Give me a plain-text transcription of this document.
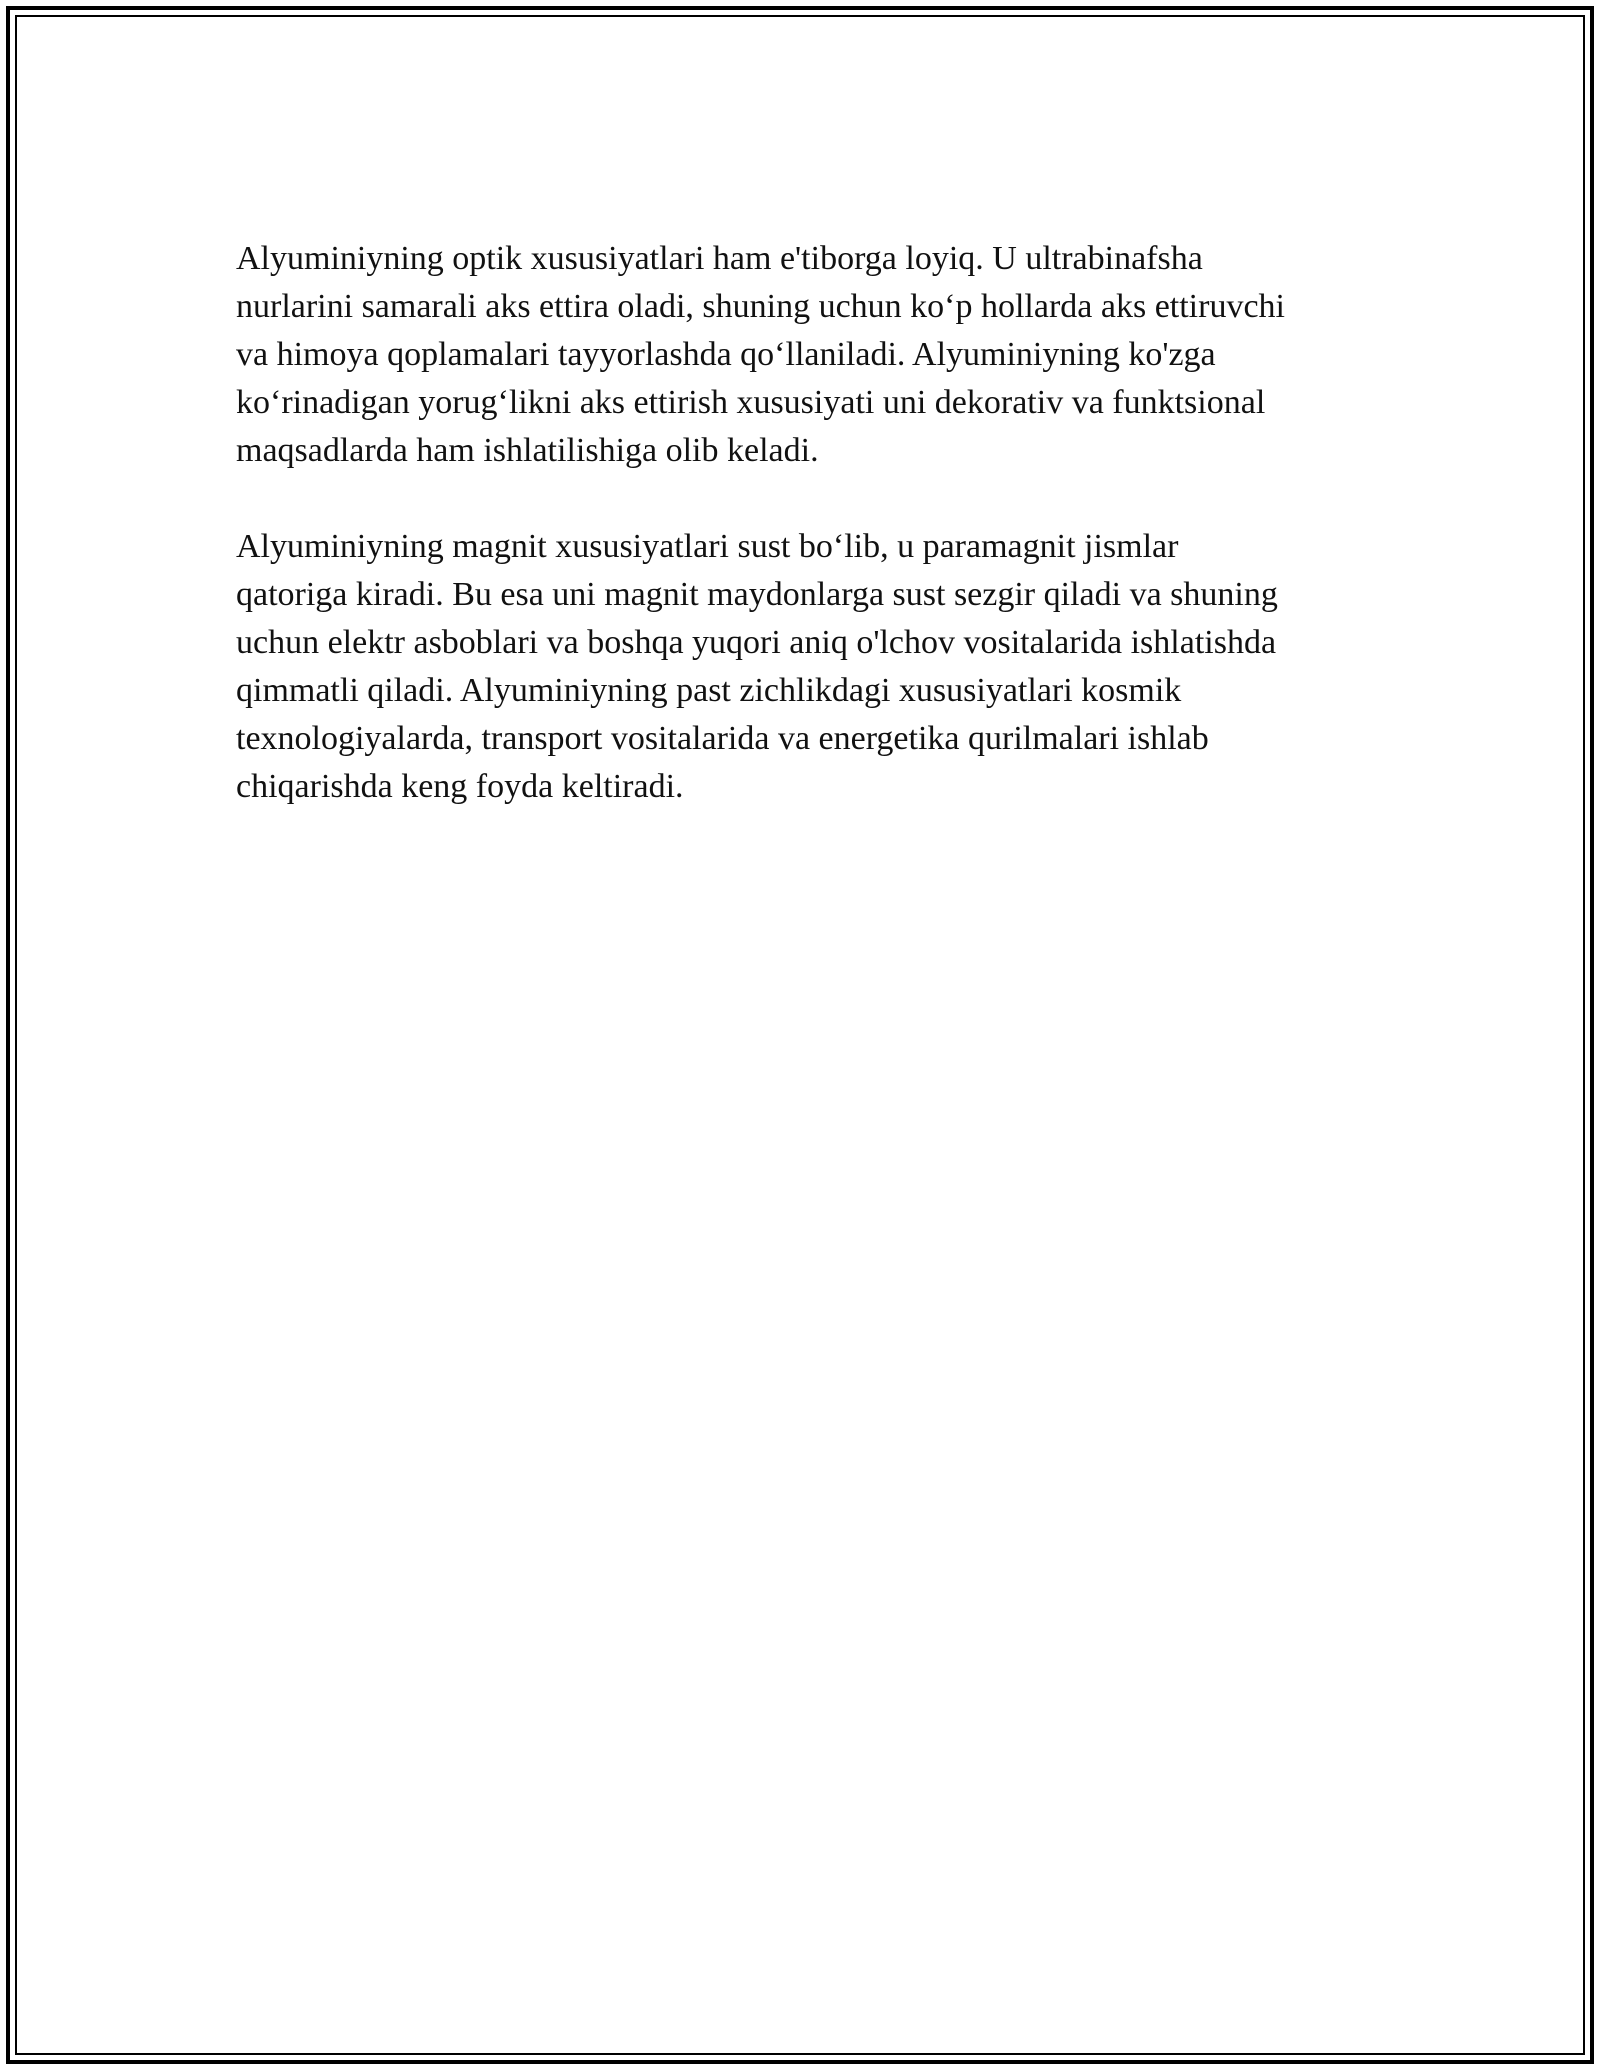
Alyuminiyning optik xususiyatlari ham e'tiborga loyiq. U ultrabinafsha
nurlarini samarali aks ettira oladi, shuning uchun koʻp hollarda aks ettiruvchi
va himoya qoplamalari tayyorlashda qoʻllaniladi. Alyuminiyning ko'zga
koʻrinadigan yorugʻlikni aks ettirish xususiyati uni dekorativ va funktsional
maqsadlarda ham ishlatilishiga olib keladi.

Alyuminiyning magnit xususiyatlari sust boʻlib, u paramagnit jismlar
qatoriga kiradi. Bu esa uni magnit maydonlarga sust sezgir qiladi va shuning
uchun elektr asboblari va boshqa yuqori aniq o'lchov vositalarida ishlatishda
qimmatli qiladi. Alyuminiyning past zichlikdagi xususiyatlari kosmik
texnologiyalarda, transport vositalarida va energetika qurilmalari ishlab
chiqarishda keng foyda keltiradi.
